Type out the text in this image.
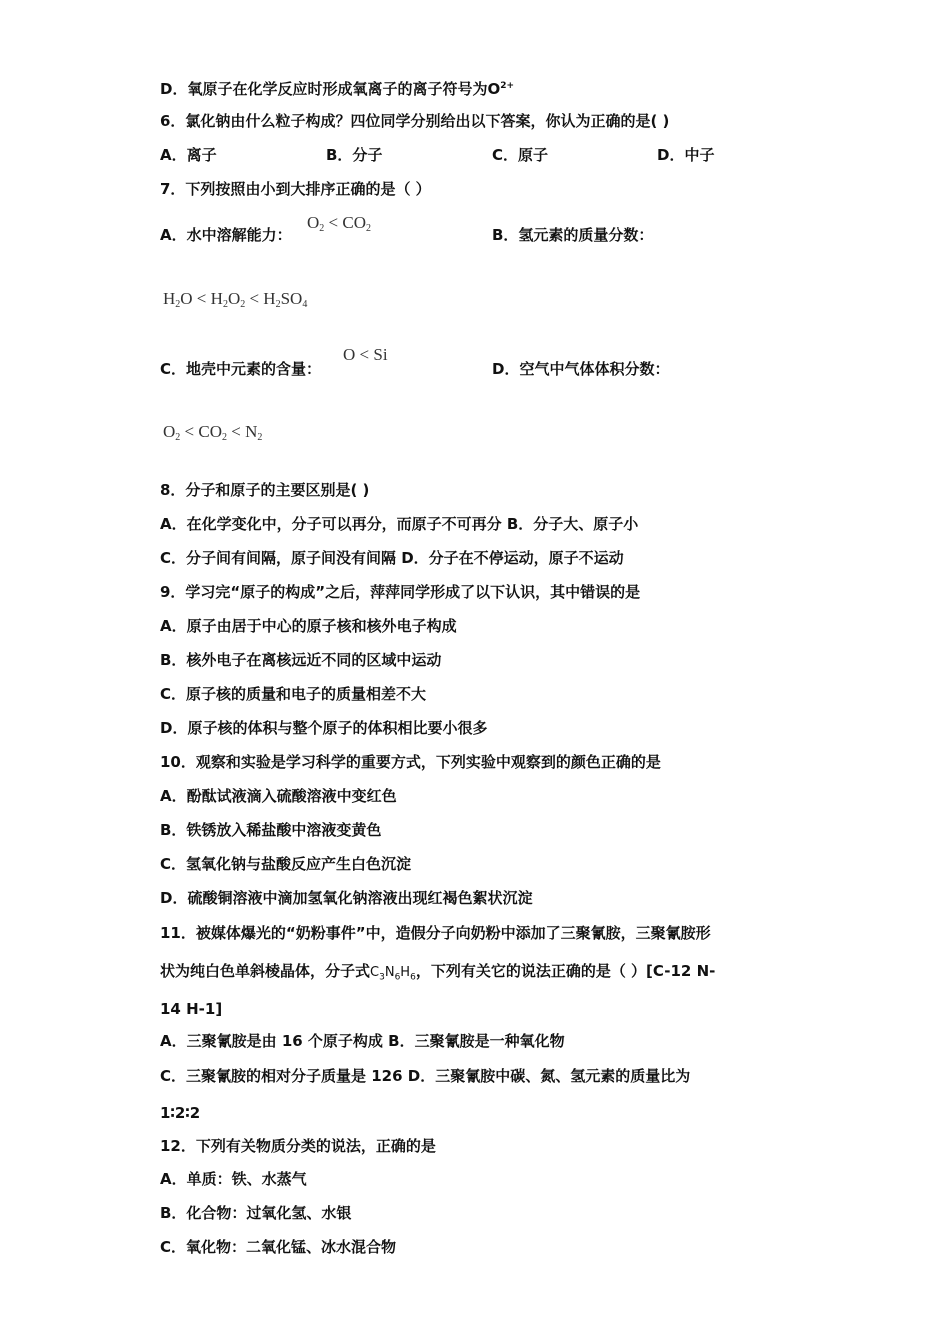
D．氧原子在化学反应时形成氧离子的离子符号为$O^{2+}$
6．氯化钠由什么粒子构成？四位同学分别给出以下答案，你认为正确的是( )
A．离子	B．分子	C．原子	D．中子
7．下列按照由小到大排序正确的是（ ）
A．水中溶解能力：
$O_2 < CO_2$	B．氢元素的质量分数：
$H_2O < H_2O_2 < H_2SO_4$
C．地壳中元素的含量：
O < Si
D．空气中气体体积分数：
$O_2 < CO_2 < N_2$
8．分子和原子的主要区别是( )
A．在化学变化中，分子可以再分，而原子不可再分 B．分子大、原子小
C．分子间有间隔，原子间没有间隔 D．分子在不停运动，原子不运动
9．学习完“原子的构成”之后，萍萍同学形成了以下认识，其中错误的是
A．原子由居于中心的原子核和核外电子构成
B．核外电子在离核远近不同的区域中运动
C．原子核的质量和电子的质量相差不大
D．原子核的体积与整个原子的体积相比要小很多
10．观察和实验是学习科学的重要方式，下列实验中观察到的颜色正确的是
A．酚酞试液滴入硫酸溶液中变红色
B．铁锈放入稀盐酸中溶液变黄色
C．氢氧化钠与盐酸反应产生白色沉淀
D．硫酸铜溶液中滴加氢氧化钠溶液出现红褐色絮状沉淀
11．被媒体爆光的“奶粉事件”中，造假分子向奶粉中添加了三聚氰胺，三聚氰胺形
状为纯白色单斜棱晶体，分子式$C_3N_6H_6$，下列有关它的说法正确的是（ ）[C-12 N-
14 H-1]
A．三聚氰胺是由 16 个原子构成 B．三聚氰胺是一种氧化物
C．三聚氰胺的相对分子质量是 126 D．三聚氰胺中碳、氮、氢元素的质量比为
1∶2∶2
12．下列有关物质分类的说法，正确的是
A．单质：铁、水蒸气
B．化合物：过氧化氢、水银
C．氧化物：二氧化锰、冰水混合物
